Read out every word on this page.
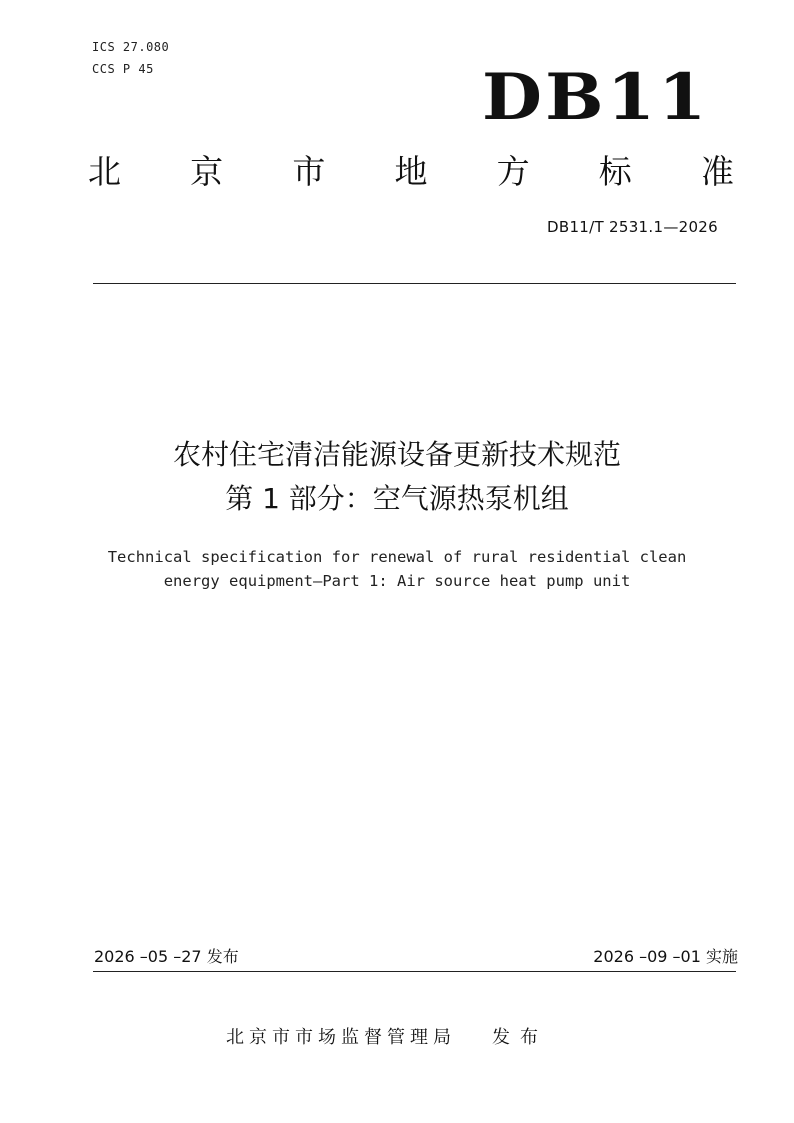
ICS 27.080
CCS P 45	DB11
北 京 市 地 方 标 准
DB11/T 2531.1—2026
农村住宅清洁能源设备更新技术规范
第 1 部分：空气源热泵机组
Technical specification for renewal of rural residential clean
energy equipment—Part 1: Air source heat pump unit
2026 –05 –27 发布	2026 –09 –01 实施
北京市市场监督管理局 发布
